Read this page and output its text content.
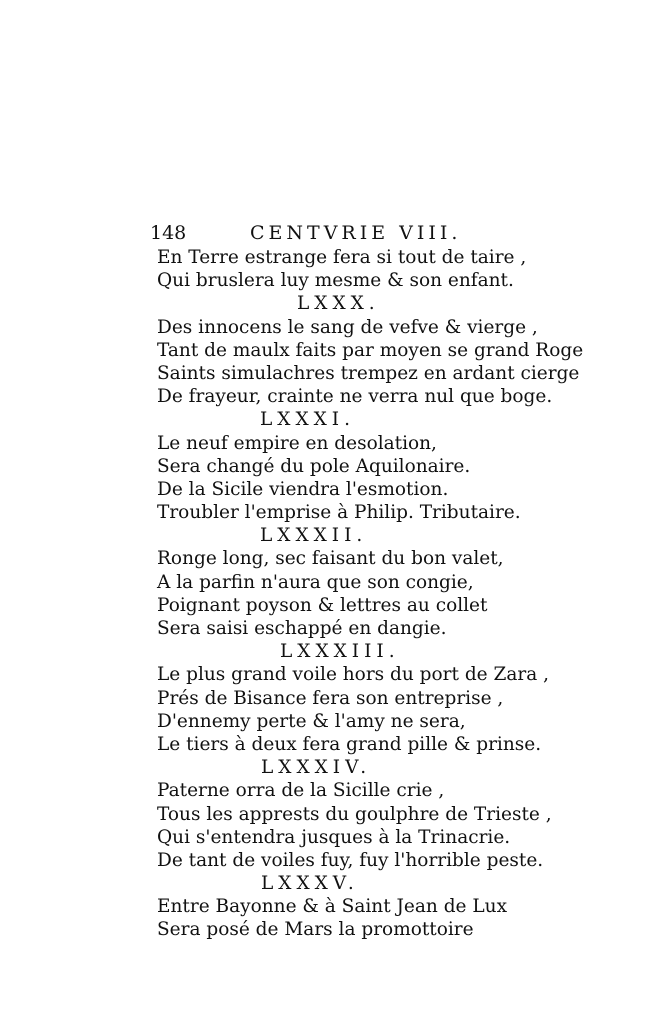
148	CENTVRIE VIII.
En Terre estrange fera si tout de taire ,
Qui bruslera luy mesme & son enfant.
LXXX.
Des innocens le sang de vefve & vierge ,
Tant de maulx faits par moyen se grand Roge
Saints simulachres trempez en ardant cierge
De frayeur, crainte ne verra nul que boge.
LXXXI.
Le neuf empire en desolation,
Sera changé du pole Aquilonaire.
De la Sicile viendra l'esmotion.
Troubler l'emprise à Philip. Tributaire.
LXXXII.
Ronge long, sec faisant du bon valet,
A la parfin n'aura que son congie,
Poignant poyson & lettres au collet
Sera saisi eschappé en dangie.
LXXXIII.
Le plus grand voile hors du port de Zara ,
Prés de Bisance fera son entreprise ,
D'ennemy perte & l'amy ne sera,
Le tiers à deux fera grand pille & prinse.
LXXXIV.
Paterne orra de la Sicille crie ,
Tous les apprests du goulphre de Trieste ,
Qui s'entendra jusques à la Trinacrie.
De tant de voiles fuy, fuy l'horrible peste.
LXXXV.
Entre Bayonne & à Saint Jean de Lux
Sera posé de Mars la promottoire
